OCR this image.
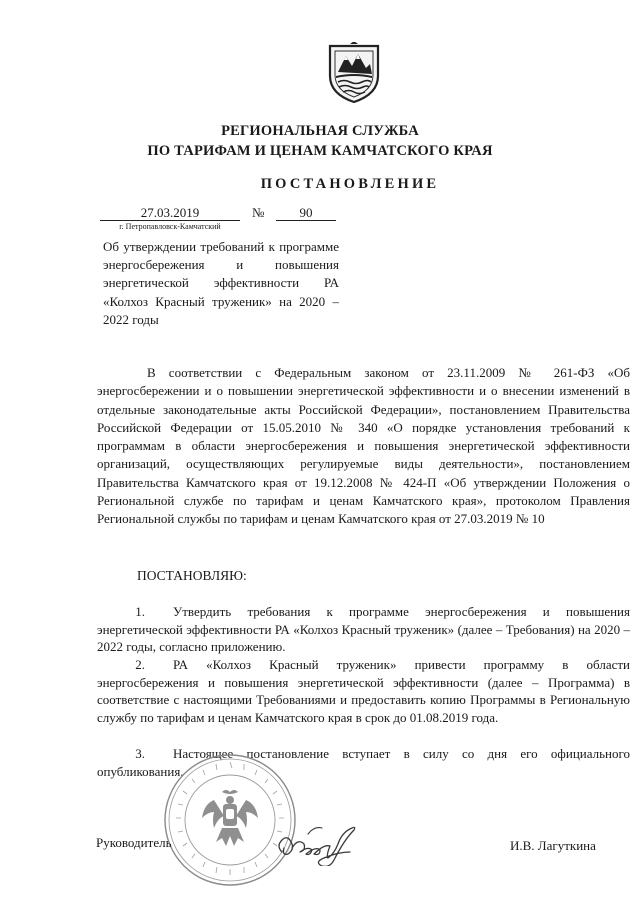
РЕГИОНАЛЬНАЯ СЛУЖБА
ПО ТАРИФАМ И ЦЕНАМ КАМЧАТСКОГО КРАЯ
ПОСТАНОВЛЕНИЕ
27.03.2019	№	90
г. Петропавловск-Камчатский
Об утверждении требований к программе энергосбережения и повышения энергетической эффективности РА «Колхоз Красный труженик» на 2020 – 2022 годы

В соответствии с Федеральным законом от 23.11.2009 № 261-ФЗ «Об энергосбережении и о повышении энергетической эффективности и о внесении изменений в отдельные законодательные акты Российской Федерации», постановлением Правительства Российской Федерации от 15.05.2010 № 340 «О порядке установления требований к программам в области энергосбережения и повышения энергетической эффективности организаций, осуществляющих регулируемые виды деятельности», постановлением Правительства Камчатского края от 19.12.2008 № 424-П «Об утверждении Положения о Региональной службе по тарифам и ценам Камчатского края», протоколом Правления Региональной службы по тарифам и ценам Камчатского края от 27.03.2019 № 10

ПОСТАНОВЛЯЮ:
1. Утвердить требования к программе энергосбережения и повышения энергетической эффективности РА «Колхоз Красный труженик» (далее – Требования) на 2020 – 2022 годы, согласно приложению.
2. РА «Колхоз Красный труженик» привести программу в области энергосбережения и повышения энергетической эффективности (далее – Программа) в соответствие с настоящими Требованиями и предоставить копию Программы в Региональную службу по тарифам и ценам Камчатского края в срок до 01.08.2019 года.
3. Настоящее постановление вступает в силу со дня его официального опубликования.
Руководитель	И.В. Лагуткина
